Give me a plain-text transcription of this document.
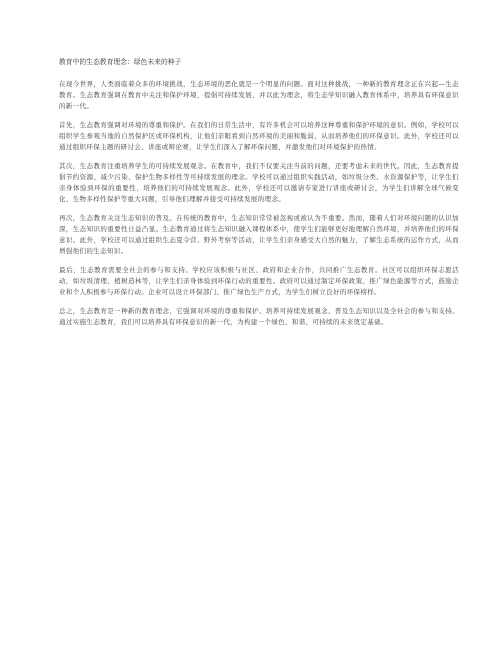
教育中的生态教育理念：绿色未来的种子

在现今世界，人类面临着众多的环境挑战，生态环境的恶化就是一个明显的问题。面对这种挑战，一种新的教育理念正在兴起—生态教育。生态教育强调在教育中关注和保护环境，提倡可持续发展，并以此为理念，将生态学知识融入教育体系中，培养具有环保意识的新一代。

首先，生态教育强调对环境的尊重和保护。在我们的日常生活中，有许多机会可以培养这种尊重和保护环境的意识。例如，学校可以组织学生参观当地的自然保护区或环保机构，让他们亲眼看到自然环境的美丽和脆弱，从而培养他们的环保意识。此外，学校还可以通过组织环保主题的研讨会、讲座或辩论赛，让学生们深入了解环保问题，并激发他们对环境保护的热情。

其次，生态教育注重培养学生的可持续发展观念。在教育中，我们不仅要关注当前的问题，还要考虑未来的世代。因此，生态教育提倡节约资源、减少污染、保护生物多样性等可持续发展的理念。学校可以通过组织实践活动，如垃圾分类、水资源保护等，让学生们亲身体验到环保的重要性，培养他们的可持续发展观念。此外，学校还可以邀请专家进行讲座或研讨会，为学生们讲解全球气候变化、生物多样性保护等重大问题，引导他们理解并接受可持续发展的理念。

再次，生态教育关注生态知识的普及。在传统的教育中，生态知识常常被忽视或被认为不重要。然而，随着人们对环境问题的认识加深，生态知识的重要性日益凸显。生态教育通过将生态知识融入课程体系中，使学生们能够更好地理解自然环境，并培养他们的环保意识。此外，学校还可以通过组织生态夏令营、野外考察等活动，让学生们亲身感受大自然的魅力，了解生态系统的运作方式，从而增强他们的生态知识。

最后，生态教育需要全社会的参与和支持。学校应该积极与社区、政府和企业合作，共同推广生态教育。社区可以组织环保志愿活动，如垃圾清理、植树造林等，让学生们亲身体验到环保行动的重要性。政府可以通过制定环保政策、推广绿色能源等方式，鼓励企业和个人积极参与环保行动。企业可以设立环保部门、推广绿色生产方式，为学生们树立良好的环保榜样。

总之，生态教育是一种新的教育理念，它强调对环境的尊重和保护、培养可持续发展观念、普及生态知识以及全社会的参与和支持。通过实施生态教育，我们可以培养具有环保意识的新一代，为构建一个绿色、和谐、可持续的未来奠定基础。
